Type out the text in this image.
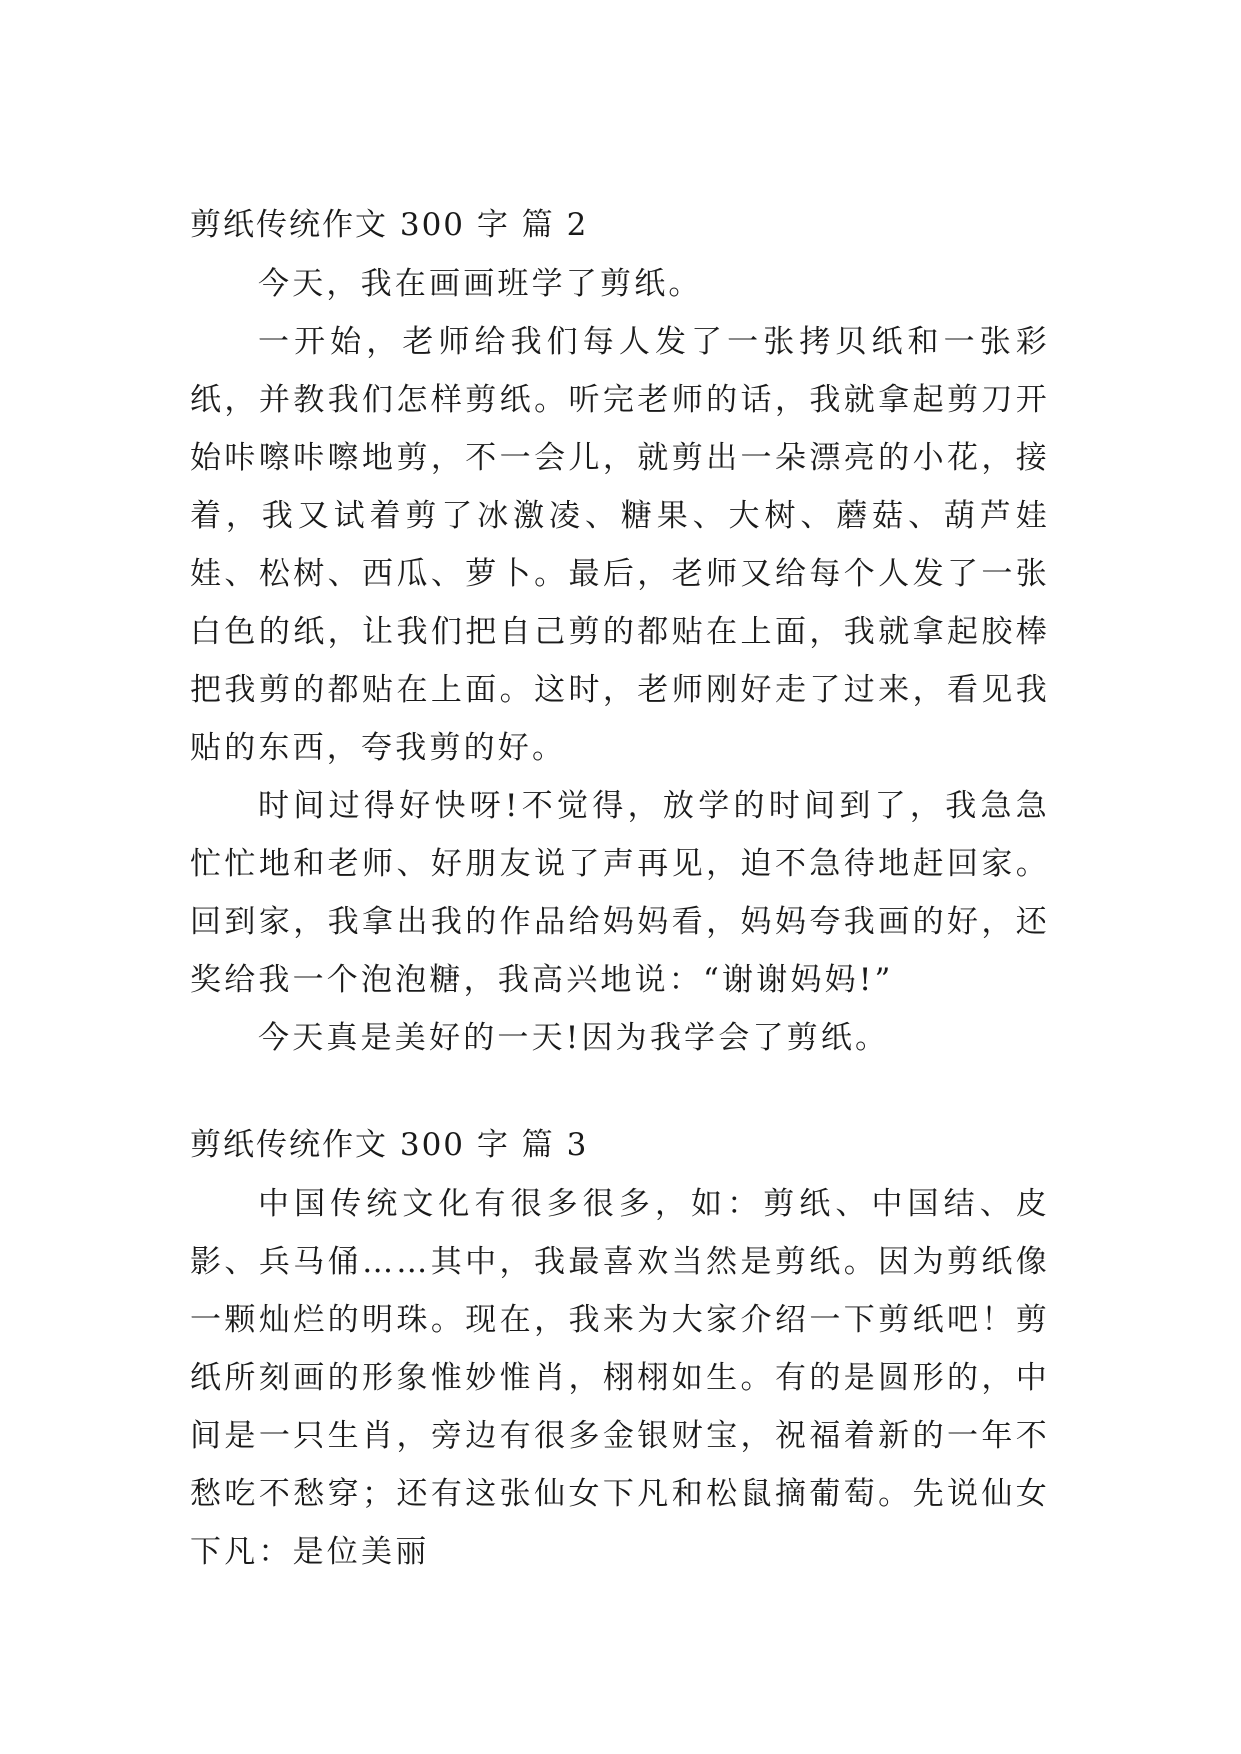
剪纸传统作文 300 字 篇 2

今天，我在画画班学了剪纸。

一开始，老师给我们每人发了一张拷贝纸和一张彩纸，并教我们怎样剪纸。听完老师的话，我就拿起剪刀开始咔嚓咔嚓地剪，不一会儿，就剪出一朵漂亮的小花，接着，我又试着剪了冰激凌、糖果、大树、蘑菇、葫芦娃娃、松树、西瓜、萝卜。最后，老师又给每个人发了一张白色的纸，让我们把自己剪的都贴在上面，我就拿起胶棒把我剪的都贴在上面。这时，老师刚好走了过来，看见我贴的东西，夸我剪的好。

时间过得好快呀!不觉得，放学的时间到了，我急急忙忙地和老师、好朋友说了声再见，迫不急待地赶回家。回到家，我拿出我的作品给妈妈看，妈妈夸我画的好，还奖给我一个泡泡糖，我高兴地说：“谢谢妈妈!”

今天真是美好的一天!因为我学会了剪纸。

剪纸传统作文 300 字 篇 3

中国传统文化有很多很多，如：剪纸、中国结、皮影、兵马俑……其中，我最喜欢当然是剪纸。因为剪纸像一颗灿烂的明珠。现在，我来为大家介绍一下剪纸吧！剪纸所刻画的形象惟妙惟肖，栩栩如生。有的是圆形的，中间是一只生肖，旁边有很多金银财宝，祝福着新的一年不愁吃不愁穿；还有这张仙女下凡和松鼠摘葡萄。先说仙女下凡：是位美丽
